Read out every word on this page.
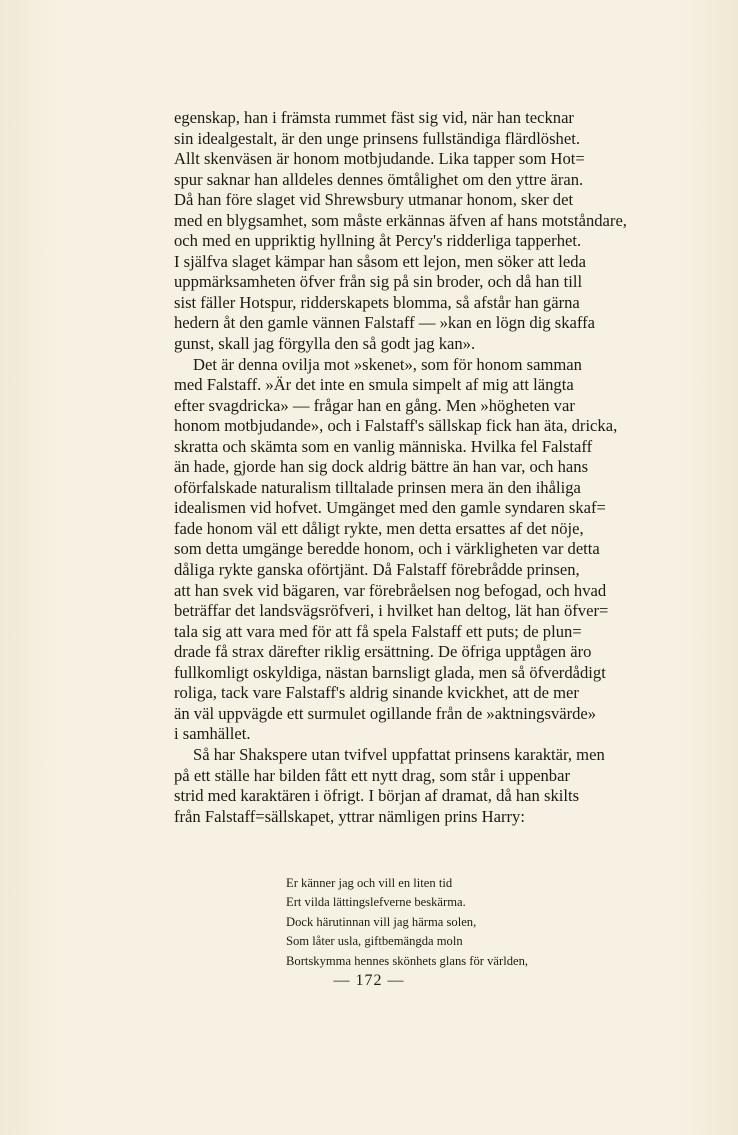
egenskap, han i främsta rummet fäst sig vid, när han tecknar
sin idealgestalt, är den unge prinsens fullständiga flärdlöshet.
Allt skenväsen är honom motbjudande. Lika tapper som Hot=
spur saknar han alldeles dennes ömtålighet om den yttre äran.
Då han före slaget vid Shrewsbury utmanar honom, sker det
med en blygsamhet, som måste erkännas äfven af hans motståndare,
och med en uppriktig hyllning åt Percy's ridderliga tapperhet.
I själfva slaget kämpar han såsom ett lejon, men söker att leda
uppmärksamheten öfver från sig på sin broder, och då han till
sist fäller Hotspur, ridderskapets blomma, så afstår han gärna
hedern åt den gamle vännen Falstaff — »kan en lögn dig skaffa
gunst, skall jag förgylla den så godt jag kan».
Det är denna ovilja mot »skenet», som för honom samman
med Falstaff. »Är det inte en smula simpelt af mig att längta
efter svagdricka» — frågar han en gång. Men »högheten var
honom motbjudande», och i Falstaff's sällskap fick han äta, dricka,
skratta och skämta som en vanlig människa. Hvilka fel Falstaff
än hade, gjorde han sig dock aldrig bättre än han var, och hans
oförfalskade naturalism tilltalade prinsen mera än den ihåliga
idealismen vid hofvet. Umgänget med den gamle syndaren skaf=
fade honom väl ett dåligt rykte, men detta ersattes af det nöje,
som detta umgänge beredde honom, och i värkligheten var detta
dåliga rykte ganska oförtjänt. Då Falstaff förebrådde prinsen,
att han svek vid bägaren, var förebråelsen nog befogad, och hvad
beträffar det landsvägsröfveri, i hvilket han deltog, lät han öfver=
tala sig att vara med för att få spela Falstaff ett puts; de plun=
drade få strax därefter riklig ersättning. De öfriga upptågen äro
fullkomligt oskyldiga, nästan barnsligt glada, men så öfverdådigt
roliga, tack vare Falstaff's aldrig sinande kvickhet, att de mer
än väl uppvägde ett surmulet ogillande från de »aktningsvärde»
i samhället.
Så har Shakspere utan tvifvel uppfattat prinsens karaktär, men
på ett ställe har bilden fått ett nytt drag, som står i uppenbar
strid med karaktären i öfrigt. I början af dramat, då han skilts
från Falstaff=sällskapet, yttrar nämligen prins Harry:
Er känner jag och vill en liten tid
Ert vilda lättingslefverne beskärma.
Dock härutinnan vill jag härma solen,
Som låter usla, giftbemängda moln
Bortskymma hennes skönhets glans för världen,
— 172 —
